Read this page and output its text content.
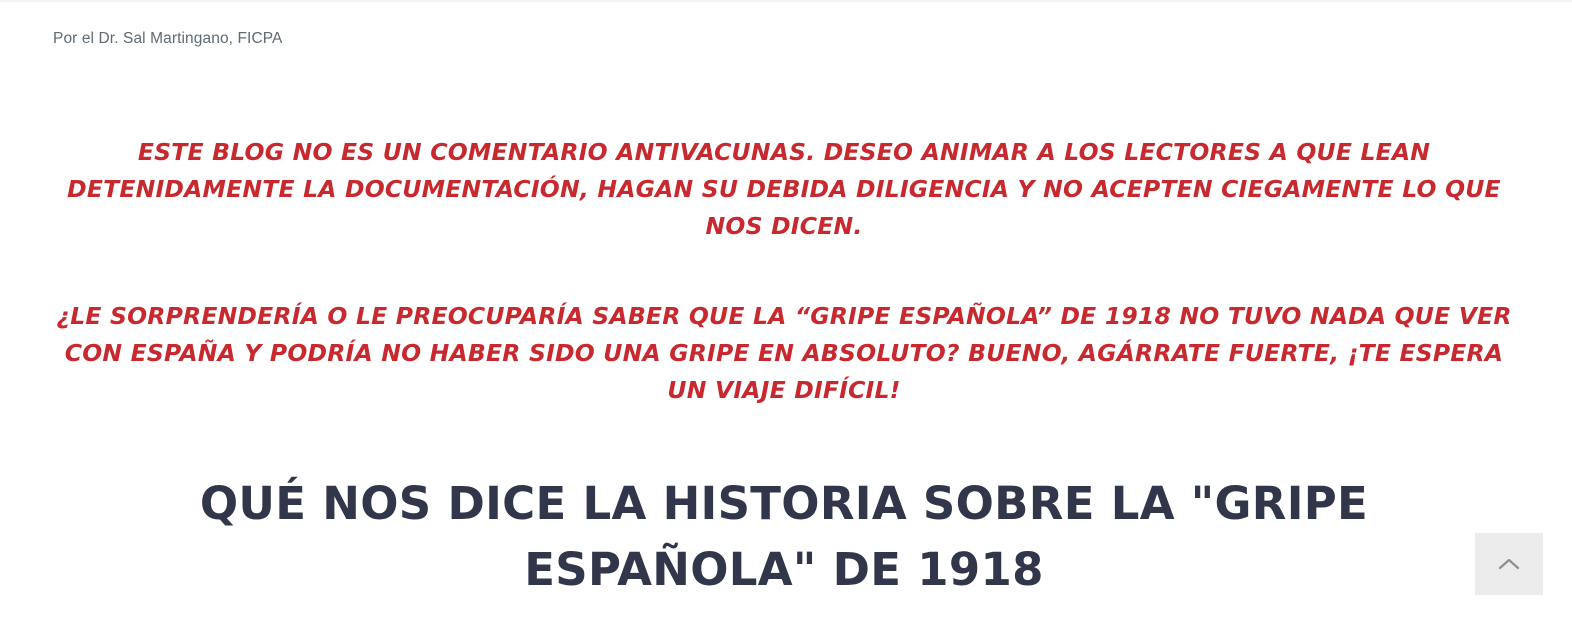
Por el Dr. Sal Martingano, FICPA

ESTE BLOG NO ES UN COMENTARIO ANTIVACUNAS. DESEO ANIMAR A LOS LECTORES A QUE LEAN DETENIDAMENTE LA DOCUMENTACIÓN, HAGAN SU DEBIDA DILIGENCIA Y NO ACEPTEN CIEGAMENTE LO QUE NOS DICEN.

¿LE SORPRENDERÍA O LE PREOCUPARÍA SABER QUE LA “GRIPE ESPAÑOLA” DE 1918 NO TUVO NADA QUE VER CON ESPAÑA Y PODRÍA NO HABER SIDO UNA GRIPE EN ABSOLUTO? BUENO, AGÁRRATE FUERTE, ¡TE ESPERA UN VIAJE DIFÍCIL!

QUÉ NOS DICE LA HISTORIA SOBRE LA "GRIPE ESPAÑOLA" DE 1918
